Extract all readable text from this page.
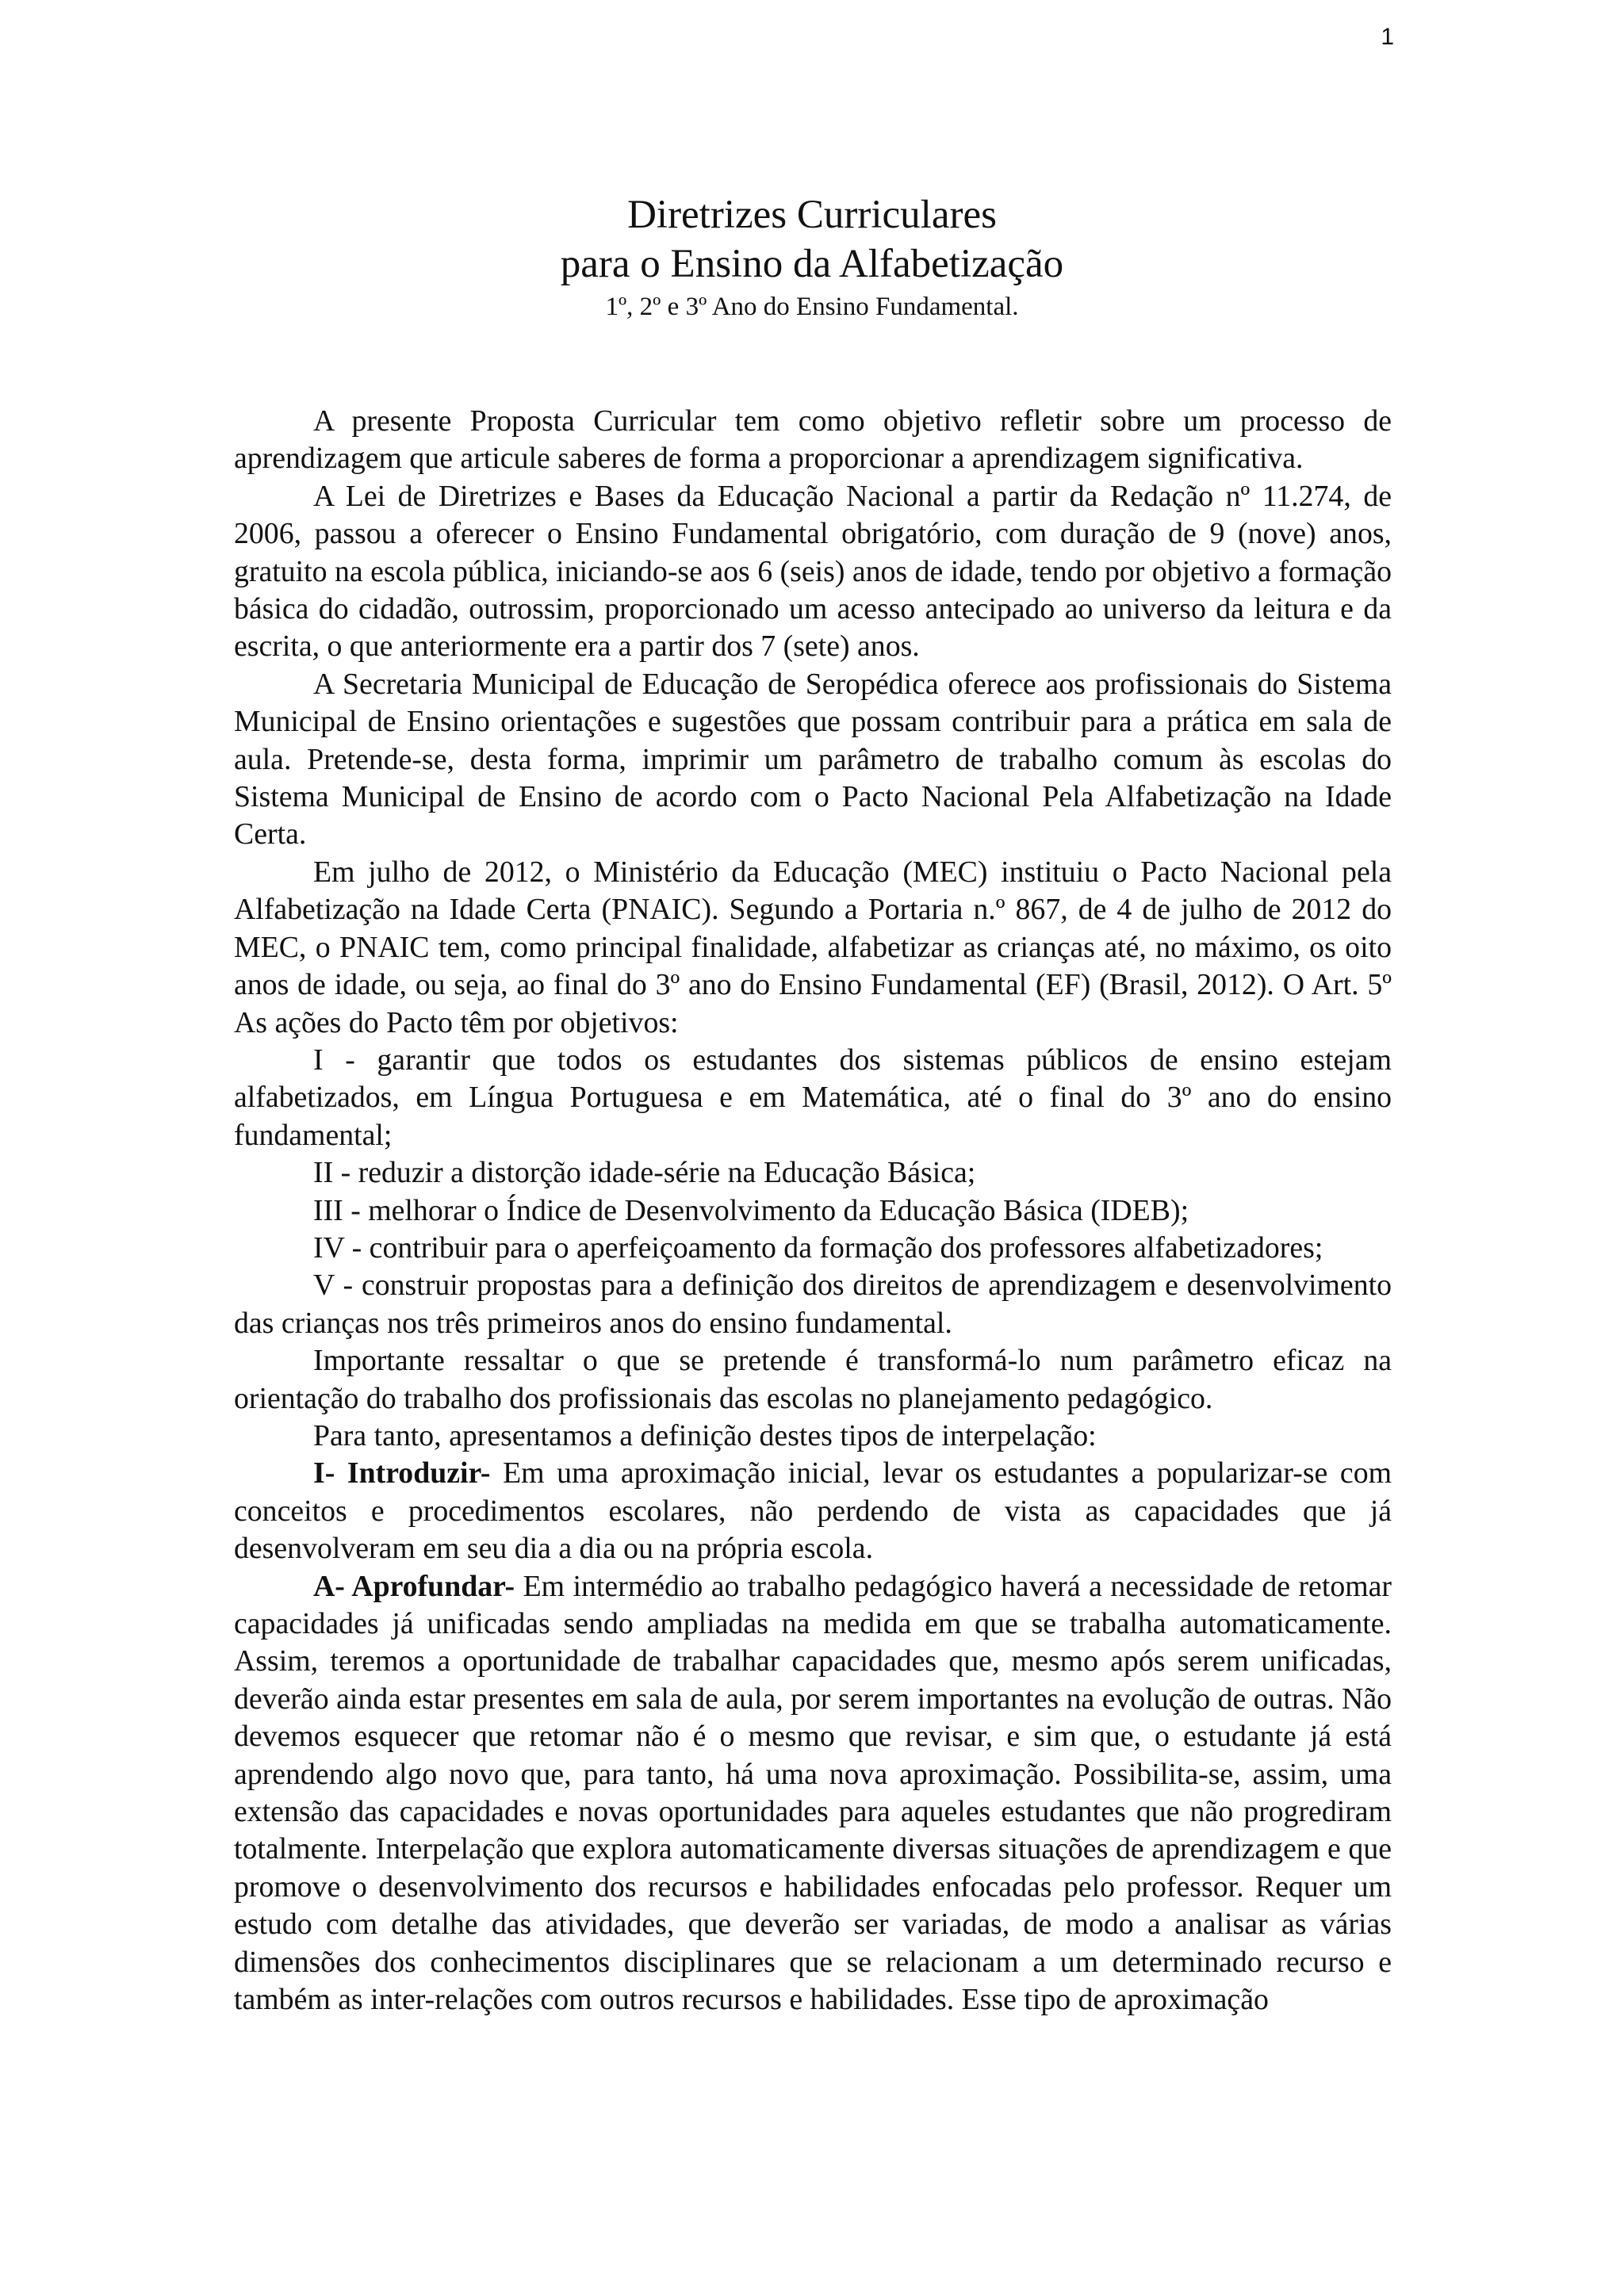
1
Diretrizes Curriculares
para o Ensino da Alfabetização
1º, 2º e 3º Ano do Ensino Fundamental.

A presente Proposta Curricular tem como objetivo refletir sobre um processo de aprendizagem que articule saberes de forma a proporcionar a aprendizagem significativa.

A Lei de Diretrizes e Bases da Educação Nacional a partir da Redação nº 11.274, de 2006, passou a oferecer o Ensino Fundamental obrigatório, com duração de 9 (nove) anos, gratuito na escola pública, iniciando-se aos 6 (seis) anos de idade, tendo por objetivo a formação básica do cidadão, outrossim, proporcionado um acesso antecipado ao universo da leitura e da escrita, o que anteriormente era a partir dos 7 (sete) anos.

A Secretaria Municipal de Educação de Seropédica oferece aos profissionais do Sistema Municipal de Ensino orientações e sugestões que possam contribuir para a prática em sala de aula. Pretende-se, desta forma, imprimir um parâmetro de trabalho comum às escolas do Sistema Municipal de Ensino de acordo com o Pacto Nacional Pela Alfabetização na Idade Certa.

Em julho de 2012, o Ministério da Educação (MEC) instituiu o Pacto Nacional pela Alfabetização na Idade Certa (PNAIC). Segundo a Portaria n.º 867, de 4 de julho de 2012 do MEC, o PNAIC tem, como principal finalidade, alfabetizar as crianças até, no máximo, os oito anos de idade, ou seja, ao final do 3º ano do Ensino Fundamental (EF) (Brasil, 2012). O Art. 5º As ações do Pacto têm por objetivos:

I - garantir que todos os estudantes dos sistemas públicos de ensino estejam alfabetizados, em Língua Portuguesa e em Matemática, até o final do 3º ano do ensino fundamental;

II - reduzir a distorção idade-série na Educação Básica;

III - melhorar o Índice de Desenvolvimento da Educação Básica (IDEB);

IV - contribuir para o aperfeiçoamento da formação dos professores alfabetizadores;

V - construir propostas para a definição dos direitos de aprendizagem e desenvolvimento das crianças nos três primeiros anos do ensino fundamental.

Importante ressaltar o que se pretende é transformá-lo num parâmetro eficaz na orientação do trabalho dos profissionais das escolas no planejamento pedagógico.

Para tanto, apresentamos a definição destes tipos de interpelação:

I- Introduzir- Em uma aproximação inicial, levar os estudantes a popularizar-se com conceitos e procedimentos escolares, não perdendo de vista as capacidades que já desenvolveram em seu dia a dia ou na própria escola.

A- Aprofundar- Em intermédio ao trabalho pedagógico haverá a necessidade de retomar capacidades já unificadas sendo ampliadas na medida em que se trabalha automaticamente. Assim, teremos a oportunidade de trabalhar capacidades que, mesmo após serem unificadas, deverão ainda estar presentes em sala de aula, por serem importantes na evolução de outras. Não devemos esquecer que retomar não é o mesmo que revisar, e sim que, o estudante já está aprendendo algo novo que, para tanto, há uma nova aproximação. Possibilita-se, assim, uma extensão das capacidades e novas oportunidades para aqueles estudantes que não progrediram totalmente. Interpelação que explora automaticamente diversas situações de aprendizagem e que promove o desenvolvimento dos recursos e habilidades enfocadas pelo professor. Requer um estudo com detalhe das atividades, que deverão ser variadas, de modo a analisar as várias dimensões dos conhecimentos disciplinares que se relacionam a um determinado recurso e também as inter-relações com outros recursos e habilidades. Esse tipo de aproximação
